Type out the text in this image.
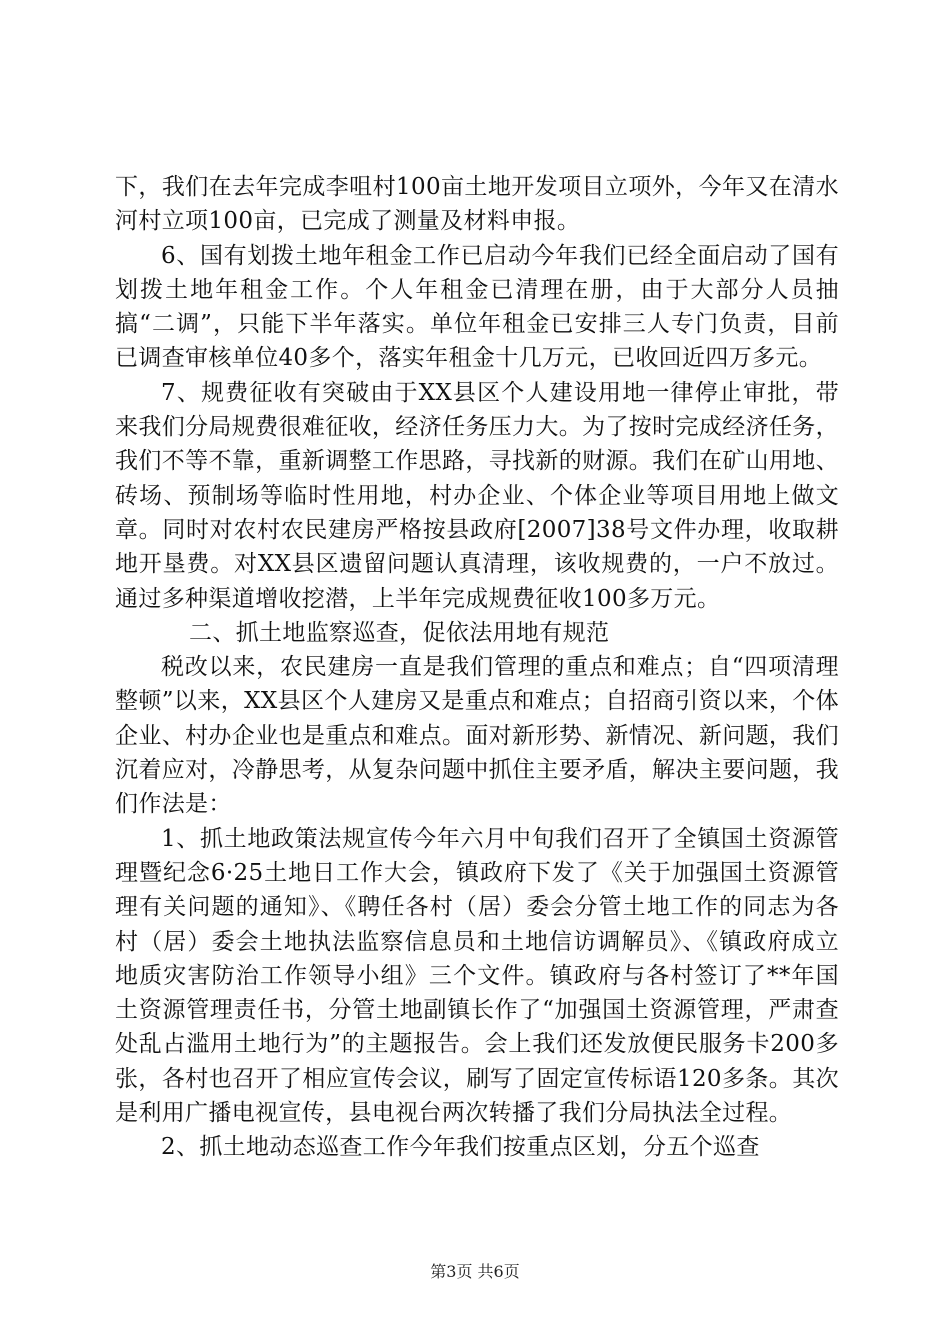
下，我们在去年完成李咀村100亩土地开发项目立项外，今年又在清水河村立项100亩，已完成了测量及材料申报。

6、国有划拨土地年租金工作已启动今年我们已经全面启动了国有划拨土地年租金工作。个人年租金已清理在册，由于大部分人员抽搞“二调”，只能下半年落实。单位年租金已安排三人专门负责，目前已调查审核单位40多个，落实年租金十几万元，已收回近四万多元。

7、规费征收有突破由于XX县区个人建设用地一律停止审批，带来我们分局规费很难征收，经济任务压力大。为了按时完成经济任务，我们不等不靠，重新调整工作思路，寻找新的财源。我们在矿山用地、砖场、预制场等临时性用地，村办企业、个体企业等项目用地上做文章。同时对农村农民建房严格按县政府[2007]38号文件办理，收取耕地开垦费。对XX县区遗留问题认真清理，该收规费的，一户不放过。通过多种渠道增收挖潜，上半年完成规费征收100多万元。

二、抓土地监察巡查，促依法用地有规范

税改以来，农民建房一直是我们管理的重点和难点；自“四项清理整顿”以来，XX县区个人建房又是重点和难点；自招商引资以来，个体企业、村办企业也是重点和难点。面对新形势、新情况、新问题，我们沉着应对，冷静思考，从复杂问题中抓住主要矛盾，解决主要问题，我们作法是：

1、抓土地政策法规宣传今年六月中旬我们召开了全镇国土资源管理暨纪念6·25土地日工作大会，镇政府下发了《关于加强国土资源管理有关问题的通知》、《聘任各村（居）委会分管土地工作的同志为各村（居）委会土地执法监察信息员和土地信访调解员》、《镇政府成立地质灾害防治工作领导小组》三个文件。镇政府与各村签订了**年国土资源管理责任书，分管土地副镇长作了“加强国土资源管理，严肃查处乱占滥用土地行为”的主题报告。会上我们还发放便民服务卡200多张，各村也召开了相应宣传会议，刷写了固定宣传标语120多条。其次是利用广播电视宣传，县电视台两次转播了我们分局执法全过程。

2、抓土地动态巡查工作今年我们按重点区划，分五个巡查

第3页 共6页
